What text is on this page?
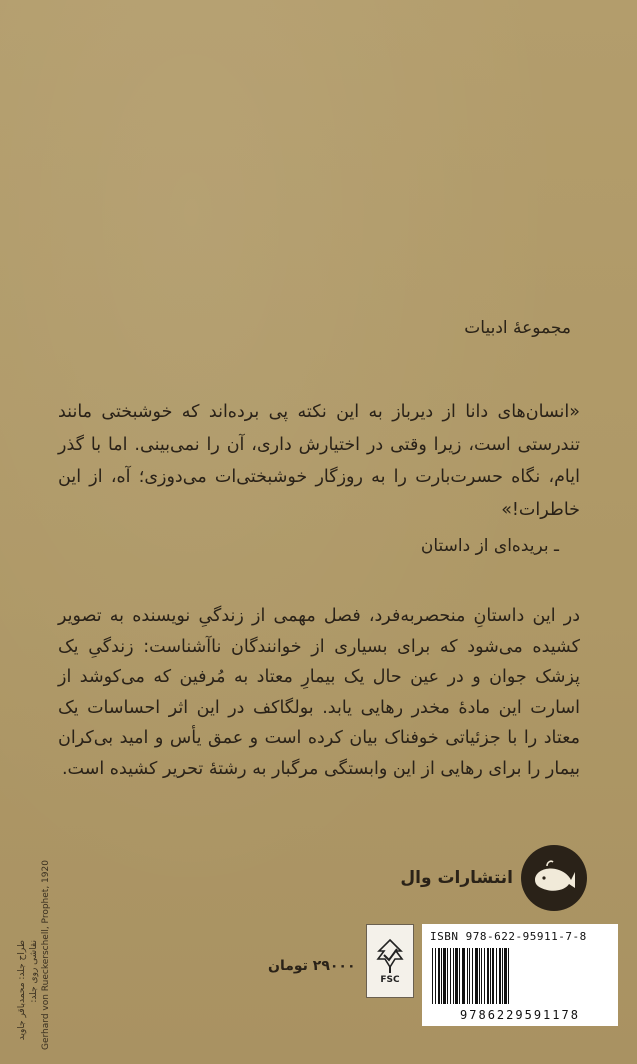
مجموعهٔ ادبیات
«انسان‌های دانا از دیرباز به این نکته پی برده‌اند که خوشبختی مانند تندرستی است، زیرا وقتی در اختیارش داری، آن را نمی‌بینی. اما با گذر ایام، نگاه حسرت‌بارت را به روزگار خوشبختی‌ات می‌دوزی؛ آه، از این خاطرات!»
ـ بریده‌ای از داستان
در این داستانِ منحصربه‌فرد، فصل مهمی از زندگیِ نویسنده به تصویر کشیده می‌شود که برای بسیاری از خوانندگان ناآشناست: زندگیِ یک پزشک جوان و در عین حال یک بیمارِ معتاد به مُرفین که می‌کوشد از اسارت این مادهٔ مخدر رهایی یابد. بولگاکف در این اثر احساسات یک معتاد را با جزئیاتی خوفناک بیان کرده است و عمق یأس و امید بی‌کران بیمار را برای رهایی از این وابستگی مرگبار به رشتهٔ تحریر کشیده است.
انتشارات وال
طراح جلد: محمدباقر جاوید نقاشی روی جلد: Gerhard von Rueckerschell, Prophet, 1920	۲۹۰۰۰ تومان
FSC
ISBN 978-622-95911-7-8
9786229591178
